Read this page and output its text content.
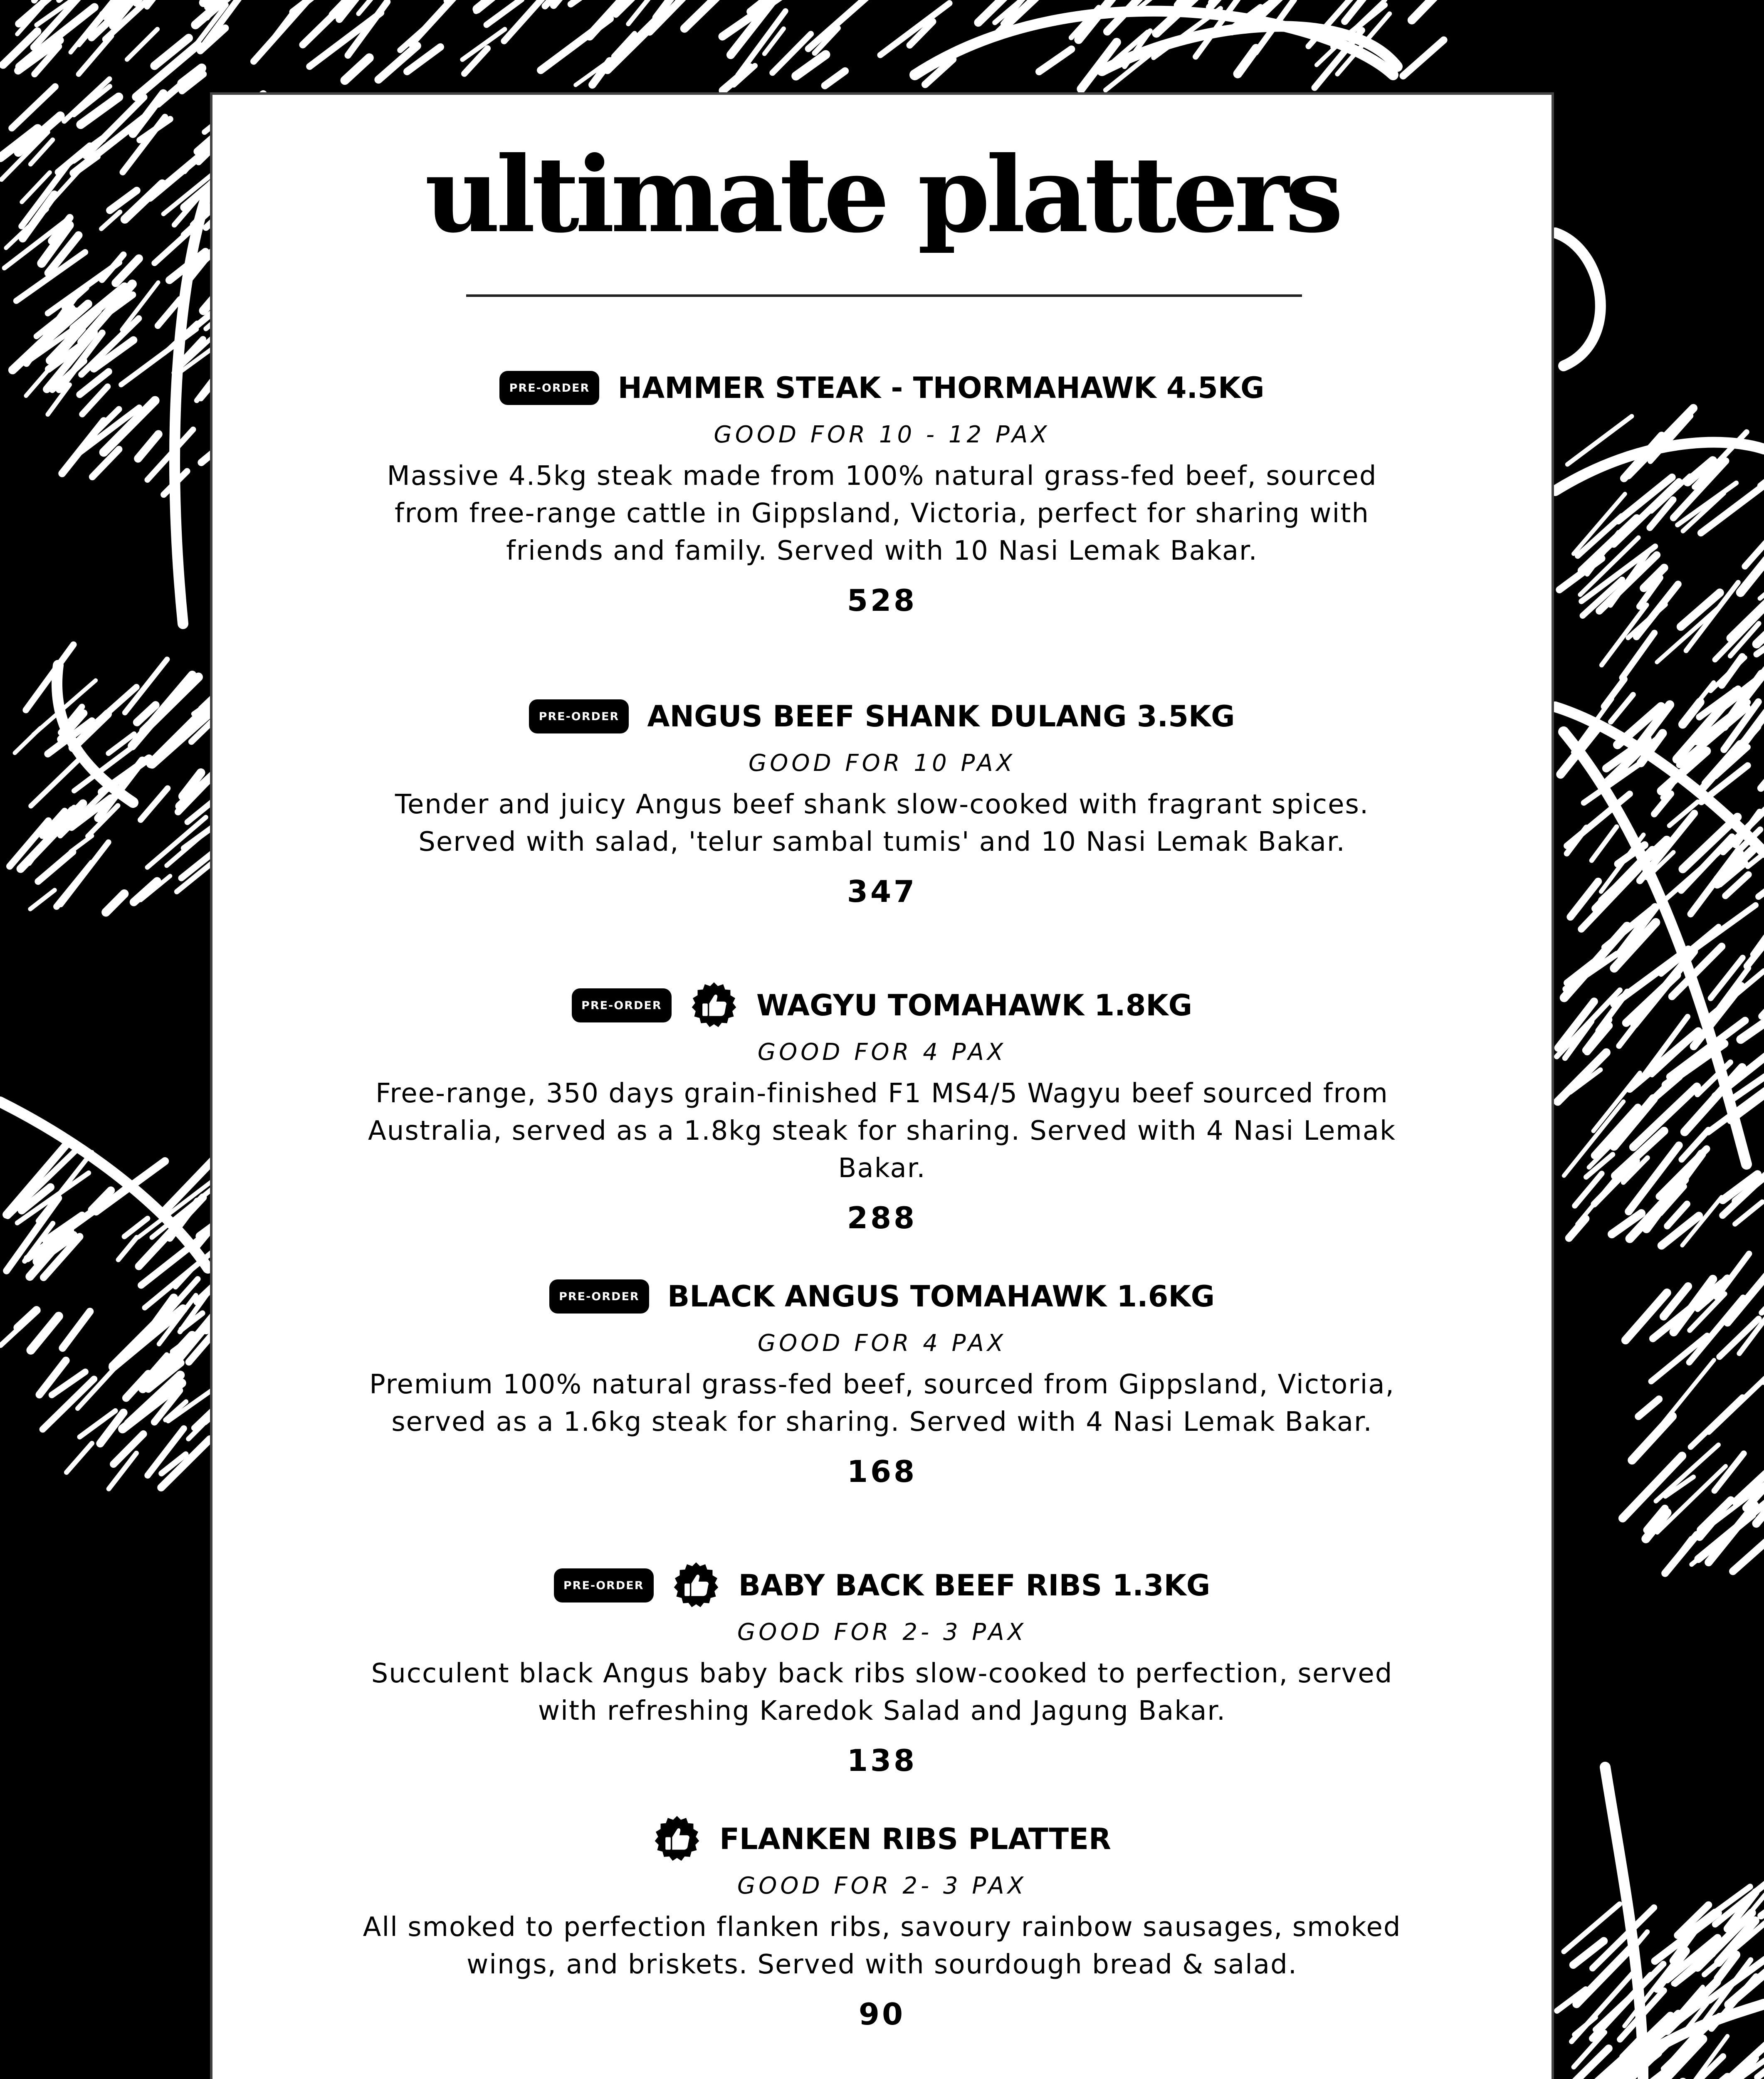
ultimate platters
PRE-ORDER HAMMER STEAK - THORMAHAWK 4.5KG
GOOD FOR 10 - 12 PAX
Massive 4.5kg steak made from 100% natural grass-fed beef, sourced from free-range cattle in Gippsland, Victoria, perfect for sharing with friends and family. Served with 10 Nasi Lemak Bakar.
528
PRE-ORDER ANGUS BEEF SHANK DULANG 3.5KG
GOOD FOR 10 PAX
Tender and juicy Angus beef shank slow-cooked with fragrant spices. Served with salad, 'telur sambal tumis' and 10 Nasi Lemak Bakar.
347
PRE-ORDER	WAGYU TOMAHAWK 1.8KG
GOOD FOR 4 PAX
Free-range, 350 days grain-finished F1 MS4/5 Wagyu beef sourced from Australia, served as a 1.8kg steak for sharing. Served with 4 Nasi Lemak Bakar.
288
PRE-ORDER BLACK ANGUS TOMAHAWK 1.6KG
GOOD FOR 4 PAX
Premium 100% natural grass-fed beef, sourced from Gippsland, Victoria, served as a 1.6kg steak for sharing. Served with 4 Nasi Lemak Bakar.
168
PRE-ORDER	BABY BACK BEEF RIBS 1.3KG
GOOD FOR 2- 3 PAX
Succulent black Angus baby back ribs slow-cooked to perfection, served with refreshing Karedok Salad and Jagung Bakar.
138
FLANKEN RIBS PLATTER
GOOD FOR 2- 3 PAX
All smoked to perfection flanken ribs, savoury rainbow sausages, smoked wings, and briskets. Served with sourdough bread & salad.
90
